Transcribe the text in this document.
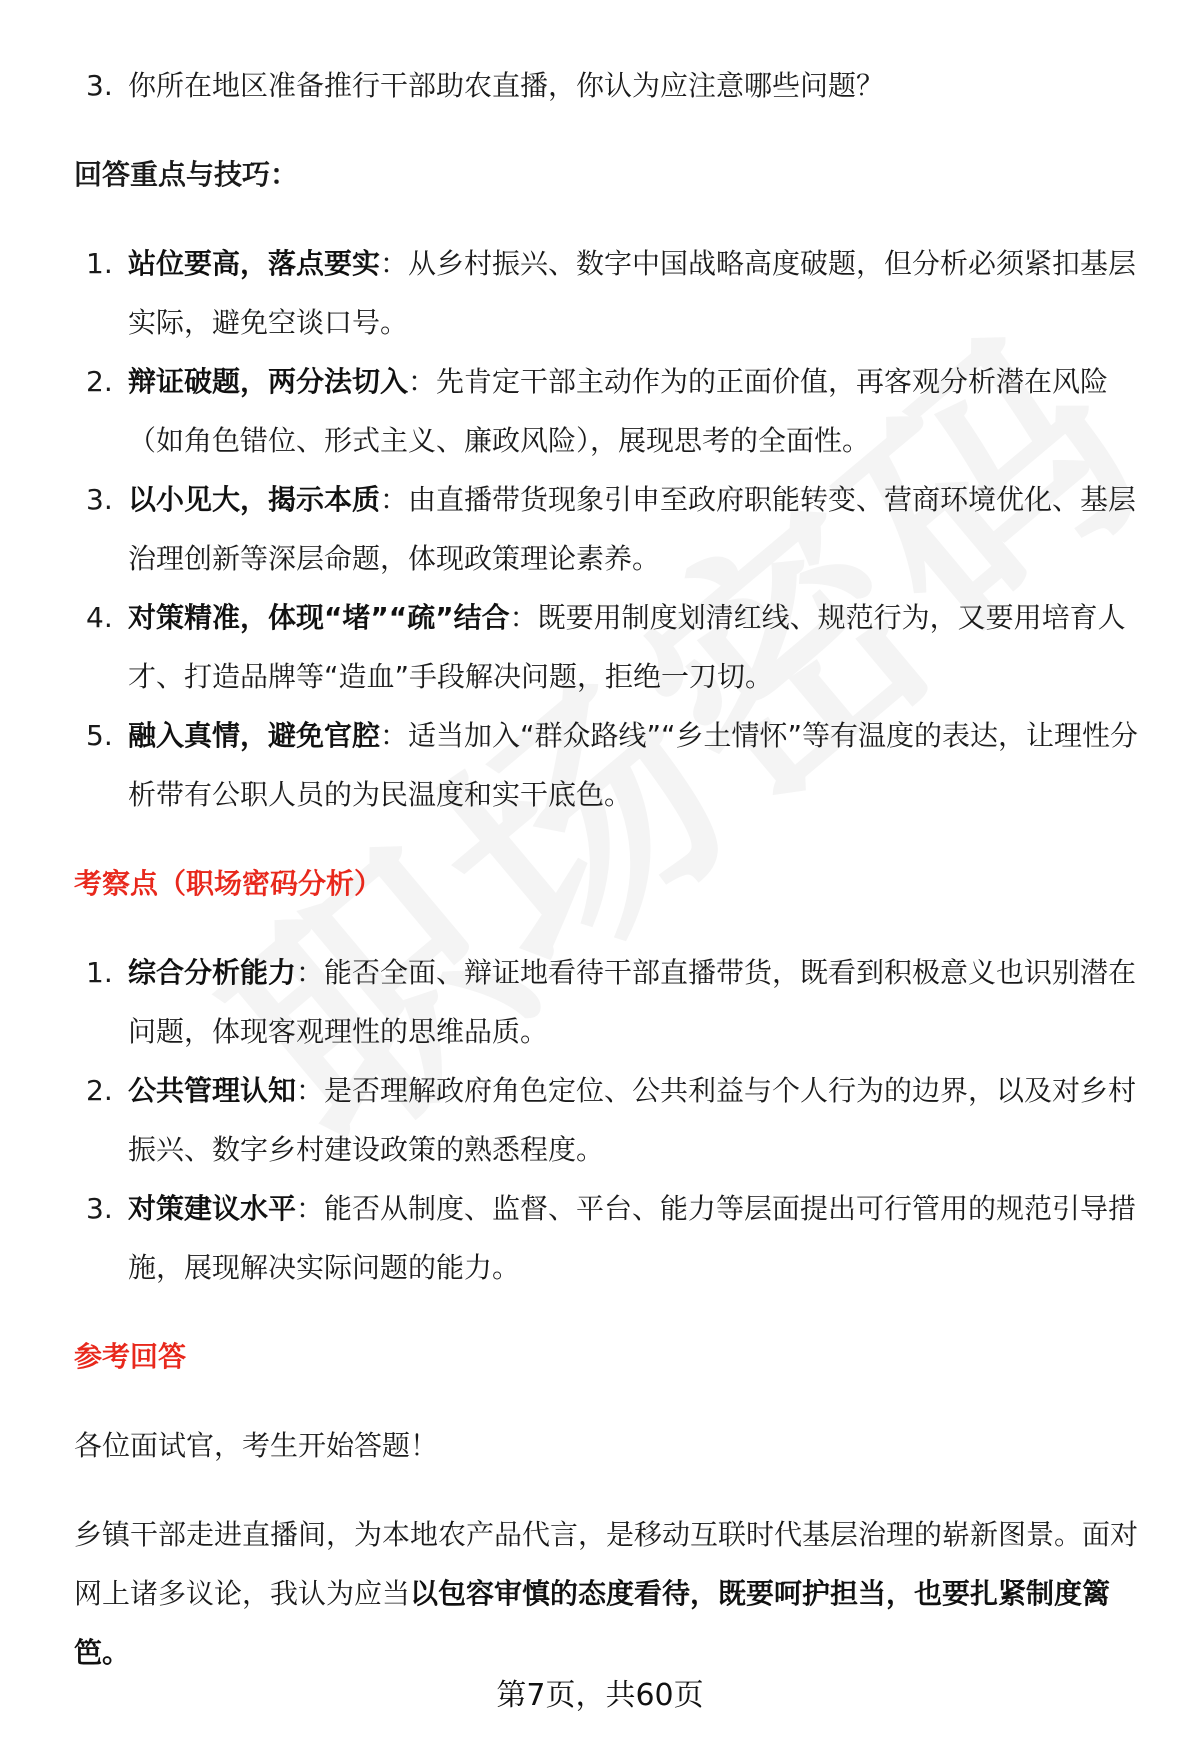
3. 你所在地区准备推行干部助农直播，你认为应注意哪些问题？
回答重点与技巧：
1. 站位要高，落点要实：从乡村振兴、数字中国战略高度破题，但分析必须紧扣基层实际，避免空谈口号。
2. 辩证破题，两分法切入：先肯定干部主动作为的正面价值，再客观分析潜在风险（如角色错位、形式主义、廉政风险），展现思考的全面性。
3. 以小见大，揭示本质：由直播带货现象引申至政府职能转变、营商环境优化、基层治理创新等深层命题，体现政策理论素养。
4. 对策精准，体现“堵”“疏”结合：既要用制度划清红线、规范行为，又要用培育人才、打造品牌等“造血”手段解决问题，拒绝一刀切。
5. 融入真情，避免官腔：适当加入“群众路线”“乡土情怀”等有温度的表达，让理性分析带有公职人员的为民温度和实干底色。
考察点（职场密码分析）
1. 综合分析能力：能否全面、辩证地看待干部直播带货，既看到积极意义也识别潜在问题，体现客观理性的思维品质。
2. 公共管理认知：是否理解政府角色定位、公共利益与个人行为的边界，以及对乡村振兴、数字乡村建设政策的熟悉程度。
3. 对策建议水平：能否从制度、监督、平台、能力等层面提出可行管用的规范引导措施，展现解决实际问题的能力。
参考回答
各位面试官，考生开始答题！
乡镇干部走进直播间，为本地农产品代言，是移动互联时代基层治理的崭新图景。面对网上诸多议论，我认为应当以包容审慎的态度看待，既要呵护担当，也要扎紧制度篱笆。
第7页，共60页
